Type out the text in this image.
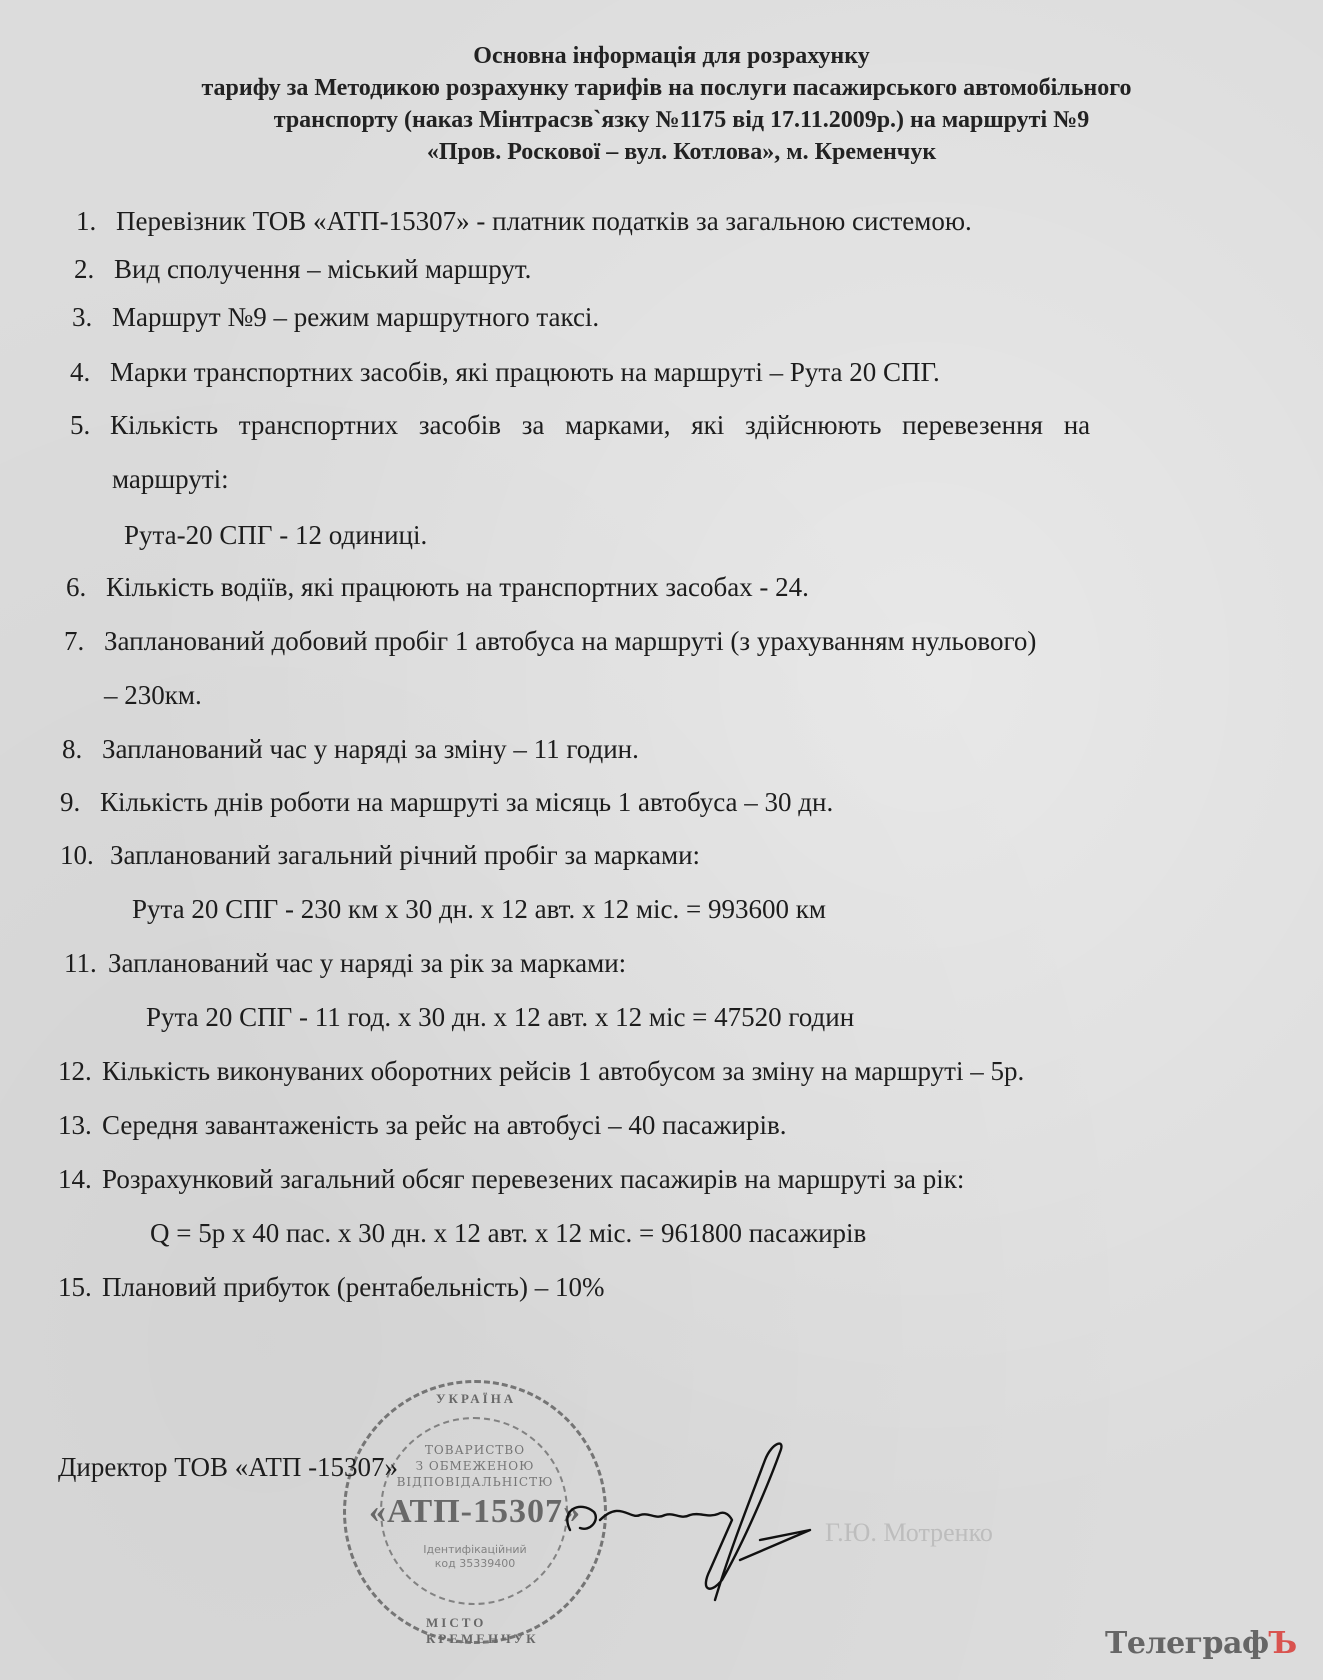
Основна інформація для розрахунку
тарифу за Методикою розрахунку тарифів на послуги пасажирського автомобільного
транспорту (наказ Мінтрасзв`язку №1175 від 17.11.2009р.) на маршруті №9
«Пров. Роскової – вул. Котлова», м. Кременчук
1. Перевізник ТОВ «АТП-15307» - платник податків за загальною системою.
2. Вид сполучення – міський маршрут.
3. Маршрут №9 – режим маршрутного таксі.
4. Марки транспортних засобів, які працюють на маршруті – Рута 20 СПГ.
5. Кількість транспортних засобів за марками, які здійснюють перевезення на
маршруті:
Рута-20 СПГ - 12 одиниці.
6. Кількість водіїв, які працюють на транспортних засобах - 24.
7. Запланований добовий пробіг 1 автобуса на маршруті (з урахуванням нульового)
– 230км.
8. Запланований час у наряді за зміну – 11 годин.
9. Кількість днів роботи на маршруті за місяць 1 автобуса – 30 дн.
10. Запланований загальний річний пробіг за марками:
Рута 20 СПГ - 230 км х 30 дн. х 12 авт. х 12 міс. = 993600 км
11. Запланований час у наряді за рік за марками:
Рута 20 СПГ - 11 год. х 30 дн. х 12 авт. х 12 міс = 47520 годин
12. Кількість виконуваних оборотних рейсів 1 автобусом за зміну на маршруті – 5р.
13. Середня завантаженість за рейс на автобусі – 40 пасажирів.
14. Розрахунковий загальний обсяг перевезених пасажирів на маршруті за рік:
Q = 5р х 40 пас. х 30 дн. х 12 авт. х 12 міс. = 961800 пасажирів
15. Плановий прибуток (рентабельність) – 10%
УКРАЇНА
МІСТО КРЕМЕНЧУК
ТОВАРИСТВО
З ОБМЕЖЕНОЮ
ВІДПОВІДАЛЬНІСТЮ
«АТП-15307»
Ідентифікаційний
код 35339400
Директор ТОВ «АТП -15307»
Г.Ю. Мотренко
ТелеграфЪ
